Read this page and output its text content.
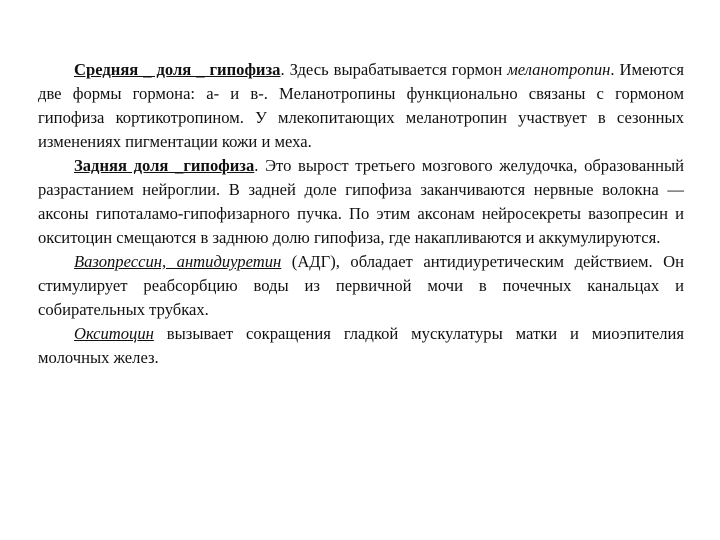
Средняя _ доля _ гипофиза. Здесь вырабатывается гормон меланотропин. Имеются две формы гормона: а- и в-. Меланотропины функционально связаны с гормоном гипофиза кортикотропином. У млекопитающих меланотропин участвует в сезонных изменениях пигментации кожи и меха.

Задняя доля _гипофиза. Это вырост третьего мозгового желудочка, образованный разрастанием нейроглии. В задней доле гипофиза заканчиваются нервные волокна — аксоны гипоталамо-гипофизарного пучка. По этим аксонам нейросекреты вазопресин и окситоцин смещаются в заднюю долю гипофиза, где накапливаются и аккумулируются.

Вазопрессин, антидиуретин (АДГ), обладает антидиуретическим действием. Он стимулирует реабсорбцию воды из первичной мочи в почечных канальцах и собирательных трубках.

Окситоцин вызывает сокращения гладкой мускулатуры матки и миоэпителия молочных желез.
